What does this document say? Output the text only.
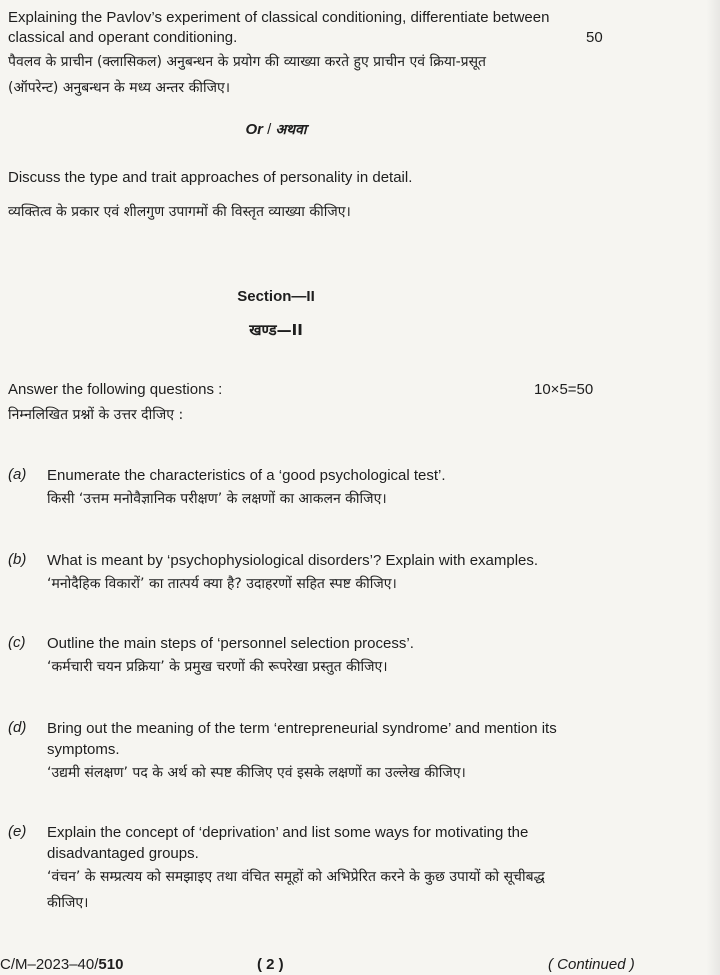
Explaining the Pavlov’s experiment of classical conditioning, differentiate between
classical and operant conditioning.	50
पैवलव के प्राचीन (क्लासिकल) अनुबन्धन के प्रयोग की व्याख्या करते हुए प्राचीन एवं क्रिया-प्रसूत
(ऑपरेन्ट) अनुबन्धन के मध्य अन्तर कीजिए।
Or / अथवा
Discuss the type and trait approaches of personality in detail.
व्यक्तित्व के प्रकार एवं शीलगुण उपागमों की विस्तृत व्याख्या कीजिए।
Section—II
खण्ड—II
Answer the following questions :	10×5=50
निम्नलिखित प्रश्नों के उत्तर दीजिए :
(a) Enumerate the characteristics of a ‘good psychological test’.
किसी ‘उत्तम मनोवैज्ञानिक परीक्षण’ के लक्षणों का आकलन कीजिए।
(b) What is meant by ‘psychophysiological disorders’? Explain with examples.
‘मनोदैहिक विकारों’ का तात्पर्य क्या है? उदाहरणों सहित स्पष्ट कीजिए।
(c) Outline the main steps of ‘personnel selection process’.
‘कर्मचारी चयन प्रक्रिया’ के प्रमुख चरणों की रूपरेखा प्रस्तुत कीजिए।
(d) Bring out the meaning of the term ‘entrepreneurial syndrome’ and mention its symptoms.
‘उद्यमी संलक्षण’ पद के अर्थ को स्पष्ट कीजिए एवं इसके लक्षणों का उल्लेख कीजिए।
(e) Explain the concept of ‘deprivation’ and list some ways for motivating the disadvantaged groups.
‘वंचन’ के सम्प्रत्यय को समझाइए तथा वंचित समूहों को अभिप्रेरित करने के कुछ उपायों को सूचीबद्ध कीजिए।
C/M–2023–40/510	( 2 )	( Continued )
